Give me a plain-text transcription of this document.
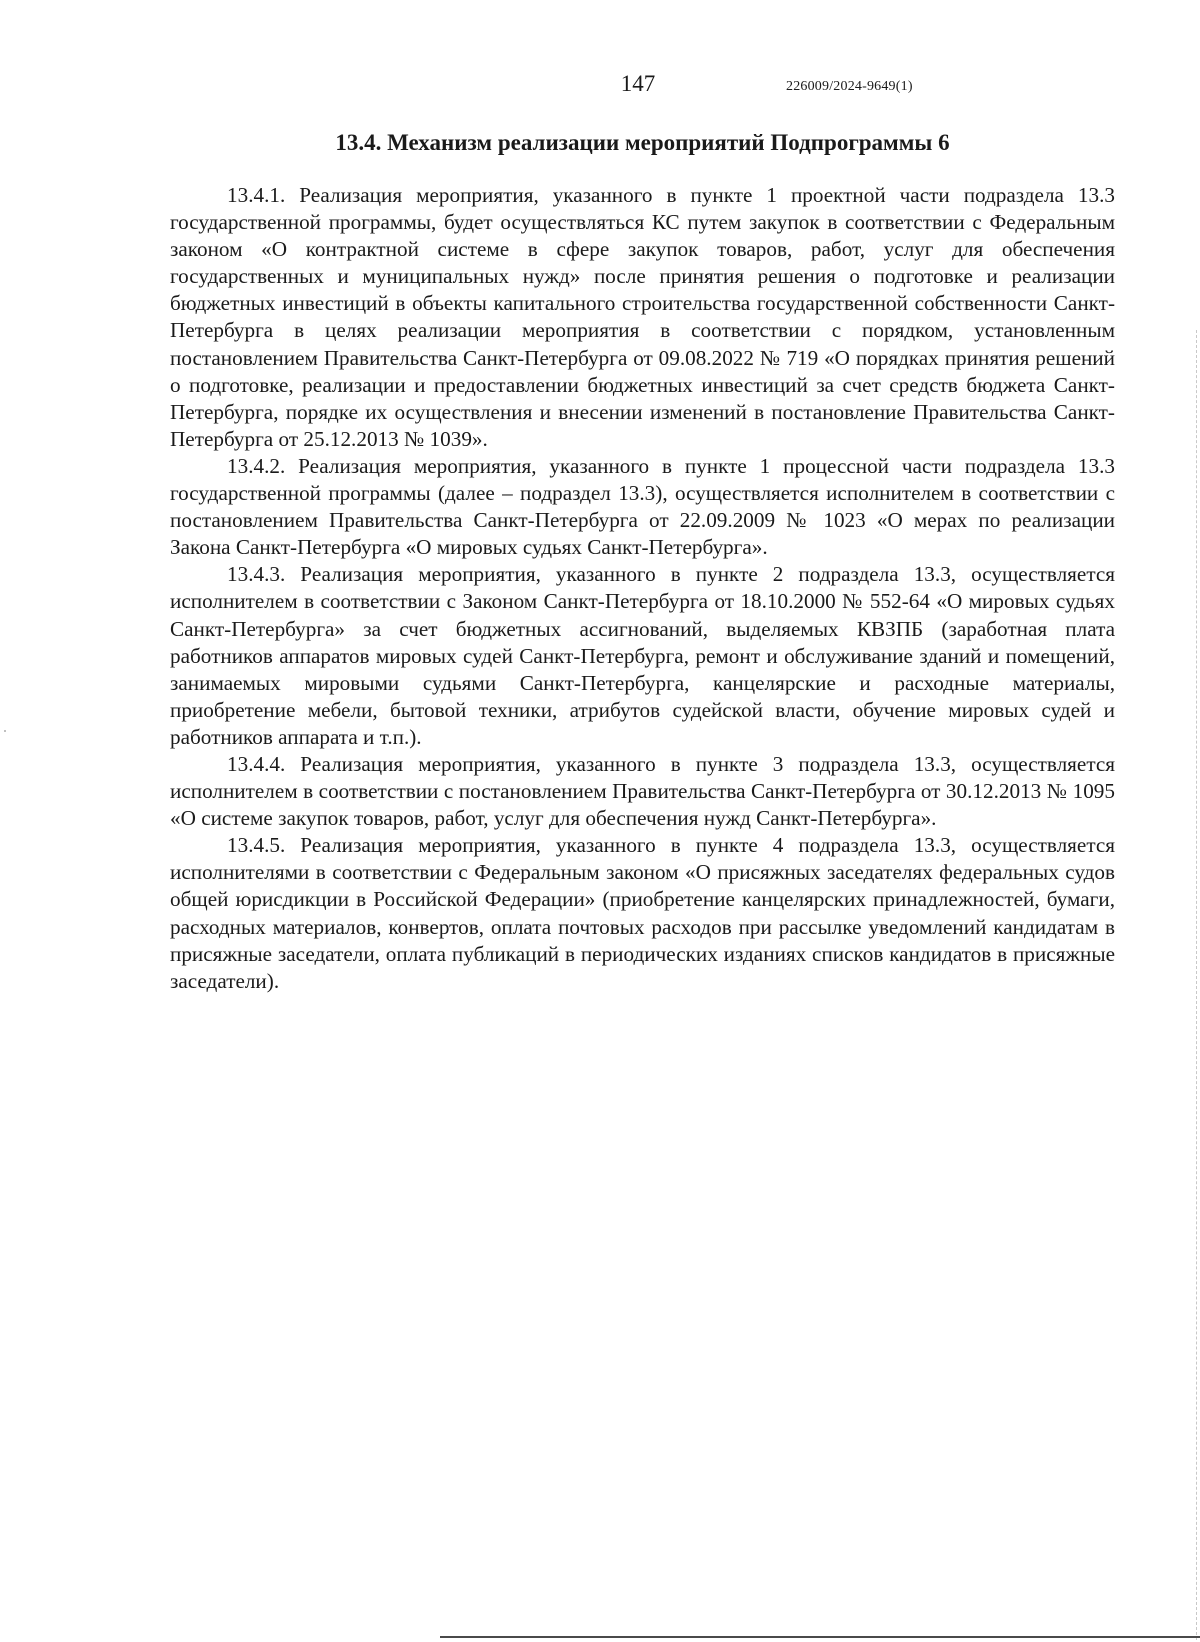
147	226009/2024-9649(1)
13.4. Механизм реализации мероприятий Подпрограммы 6

13.4.1. Реализация мероприятия, указанного в пункте 1 проектной части подраздела 13.3 государственной программы, будет осуществляться КС путем закупок в соответствии с Федеральным законом «О контрактной системе в сфере закупок товаров, работ, услуг для обеспечения государственных и муниципальных нужд» после принятия решения о подготовке и реализации бюджетных инвестиций в объекты капитального строительства государственной собственности Санкт-Петербурга в целях реализации мероприятия в соответствии с порядком, установленным постановлением Правительства Санкт-Петербурга от 09.08.2022 № 719 «О порядках принятия решений о подготовке, реализации и предоставлении бюджетных инвестиций за счет средств бюджета Санкт-Петербурга, порядке их осуществления и внесении изменений в постановление Правительства Санкт-Петербурга от 25.12.2013 № 1039».

13.4.2. Реализация мероприятия, указанного в пункте 1 процессной части подраздела 13.3 государственной программы (далее – подраздел 13.3), осуществляется исполнителем в соответствии с постановлением Правительства Санкт-Петербурга от 22.09.2009 № 1023 «О мерах по реализации Закона Санкт-Петербурга «О мировых судьях Санкт-Петербурга».

13.4.3. Реализация мероприятия, указанного в пункте 2 подраздела 13.3, осуществляется исполнителем в соответствии с Законом Санкт-Петербурга от 18.10.2000 № 552-64 «О мировых судьях Санкт-Петербурга» за счет бюджетных ассигнований, выделяемых КВЗПБ (заработная плата работников аппаратов мировых судей Санкт-Петербурга, ремонт и обслуживание зданий и помещений, занимаемых мировыми судьями Санкт-Петербурга, канцелярские и расходные материалы, приобретение мебели, бытовой техники, атрибутов судейской власти, обучение мировых судей и работников аппарата и т.п.).

13.4.4. Реализация мероприятия, указанного в пункте 3 подраздела 13.3, осуществляется исполнителем в соответствии с постановлением Правительства Санкт-Петербурга от 30.12.2013 № 1095 «О системе закупок товаров, работ, услуг для обеспечения нужд Санкт-Петербурга».

13.4.5. Реализация мероприятия, указанного в пункте 4 подраздела 13.3, осуществляется исполнителями в соответствии с Федеральным законом «О присяжных заседателях федеральных судов общей юрисдикции в Российской Федерации» (приобретение канцелярских принадлежностей, бумаги, расходных материалов, конвертов, оплата почтовых расходов при рассылке уведомлений кандидатам в присяжные заседатели, оплата публикаций в периодических изданиях списков кандидатов в присяжные заседатели).
